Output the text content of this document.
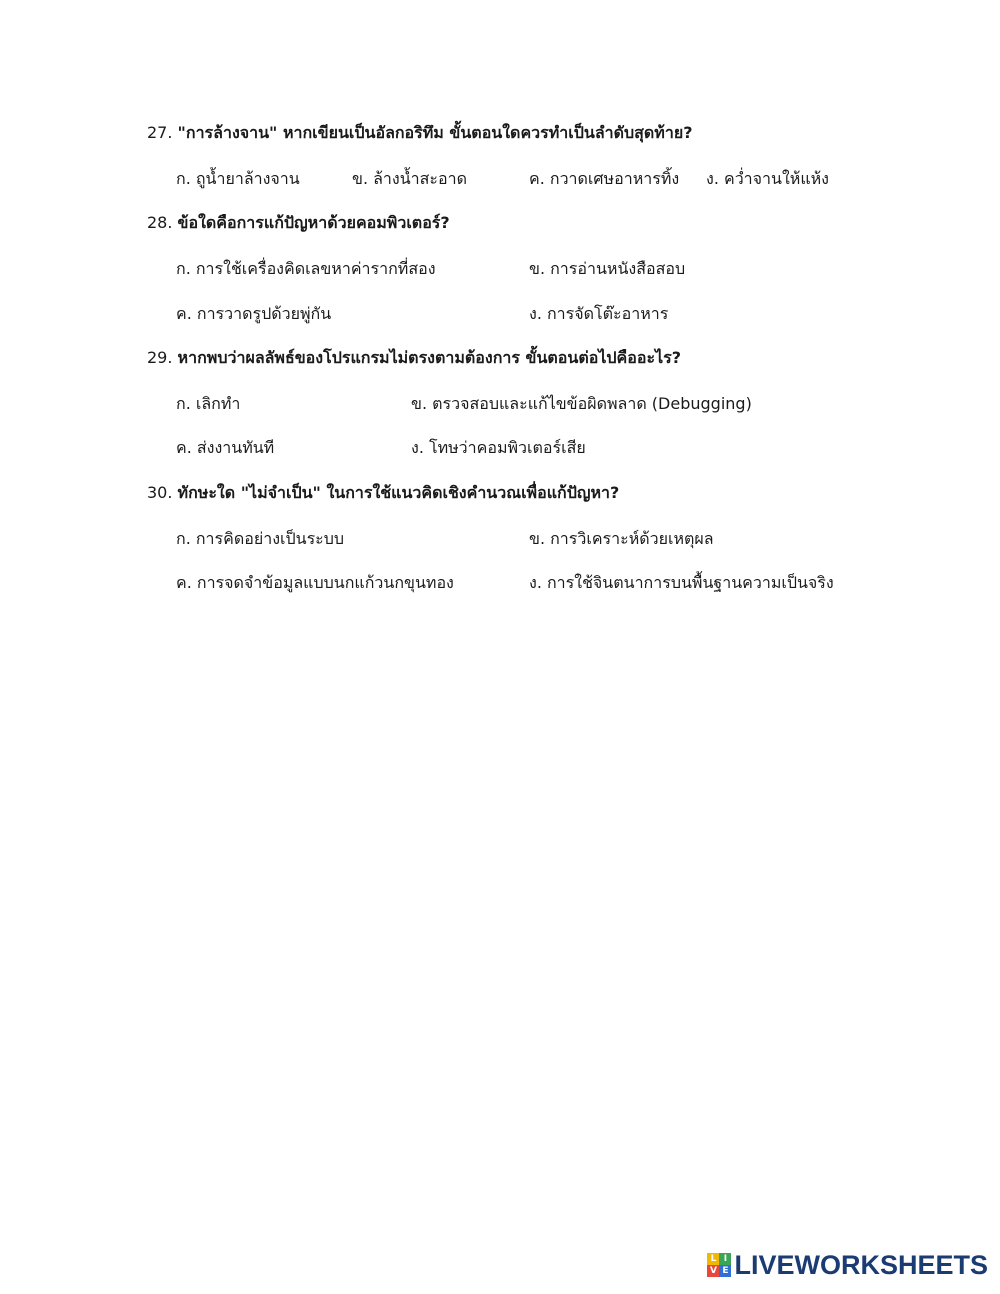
27. "การล้างจาน" หากเขียนเป็นอัลกอริทึม ขั้นตอนใดควรทำเป็นลำดับสุดท้าย?
ก. ถูน้ำยาล้างจาน	ข. ล้างน้ำสะอาด	ค. กวาดเศษอาหารทิ้ง ง. คว่ำจานให้แห้ง
28. ข้อใดคือการแก้ปัญหาด้วยคอมพิวเตอร์?
ก. การใช้เครื่องคิดเลขหาค่ารากที่สอง	ข. การอ่านหนังสือสอบ
ค. การวาดรูปด้วยพู่กัน	ง. การจัดโต๊ะอาหาร
29. หากพบว่าผลลัพธ์ของโปรแกรมไม่ตรงตามต้องการ ขั้นตอนต่อไปคืออะไร?
ก. เลิกทำ	ข. ตรวจสอบและแก้ไขข้อผิดพลาด (Debugging)
ค. ส่งงานทันที	ง. โทษว่าคอมพิวเตอร์เสีย
30. ทักษะใด "ไม่จำเป็น" ในการใช้แนวคิดเชิงคำนวณเพื่อแก้ปัญหา?
ก. การคิดอย่างเป็นระบบ	ข. การวิเคราะห์ด้วยเหตุผล
ค. การจดจำข้อมูลแบบนกแก้วนกขุนทอง	ง. การใช้จินตนาการบนพื้นฐานความเป็นจริง
L I
V E LIVEWORKSHEETS
